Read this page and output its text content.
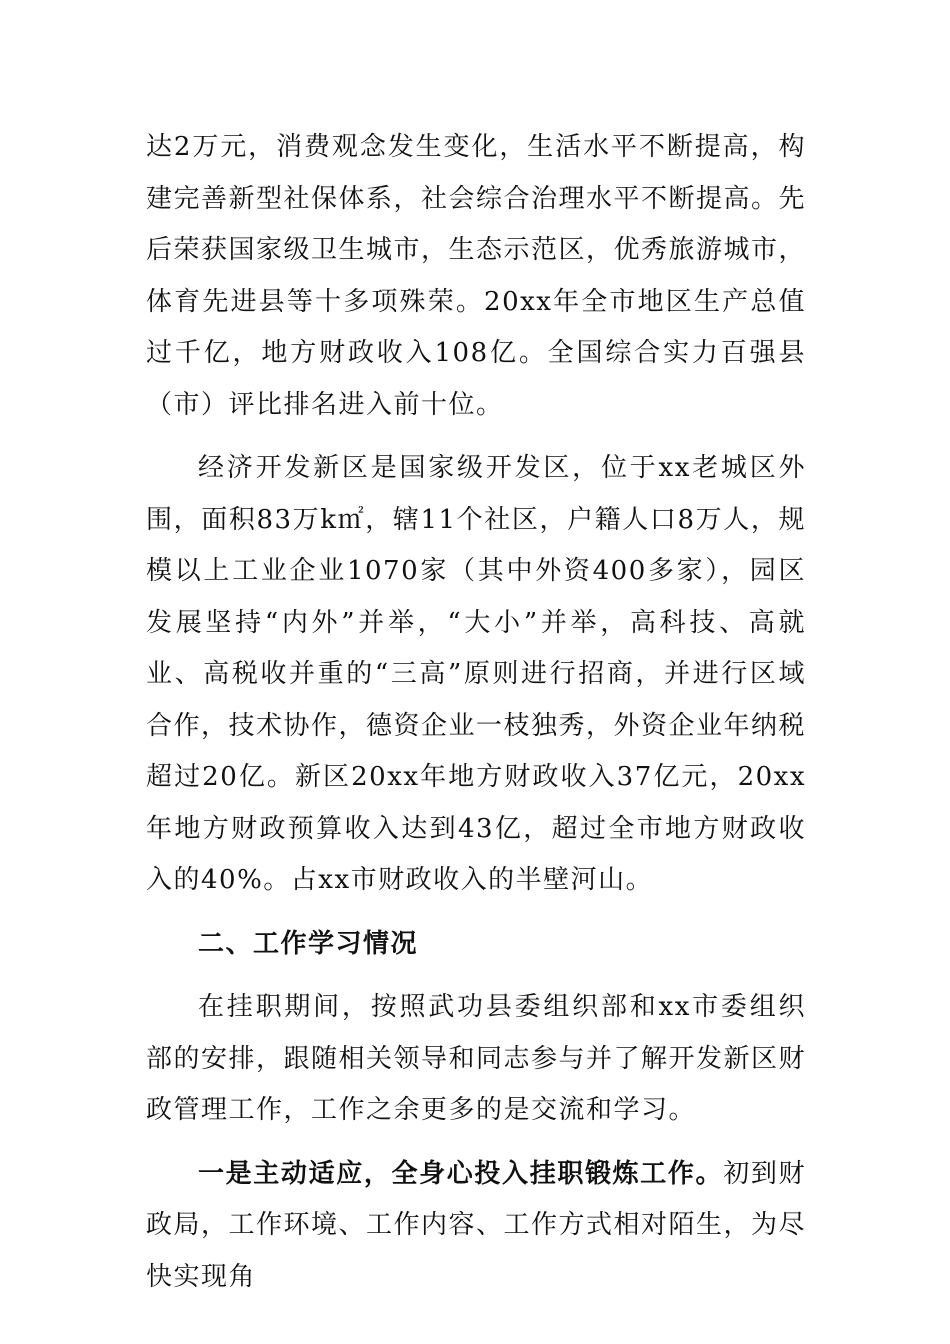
达2万元，消费观念发生变化，生活水平不断提高，构建完善新型社保体系，社会综合治理水平不断提高。先后荣获国家级卫生城市，生态示范区，优秀旅游城市，体育先进县等十多项殊荣。20xx年全市地区生产总值过千亿，地方财政收入108亿。全国综合实力百强县（市）评比排名进入前十位。

经济开发新区是国家级开发区，位于xx老城区外围，面积83万k㎡，辖11个社区，户籍人口8万人，规模以上工业企业1070家（其中外资400多家），园区发展坚持“内外”并举，“大小”并举，高科技、高就业、高税收并重的“三高”原则进行招商，并进行区域合作，技术协作，德资企业一枝独秀，外资企业年纳税超过20亿。新区20xx年地方财政收入37亿元，20xx年地方财政预算收入达到43亿，超过全市地方财政收入的40%。占xx市财政收入的半壁河山。

二、工作学习情况

在挂职期间，按照武功县委组织部和xx市委组织部的安排，跟随相关领导和同志参与并了解开发新区财政管理工作，工作之余更多的是交流和学习。

一是主动适应，全身心投入挂职锻炼工作。初到财政局，工作环境、工作内容、工作方式相对陌生，为尽快实现角
